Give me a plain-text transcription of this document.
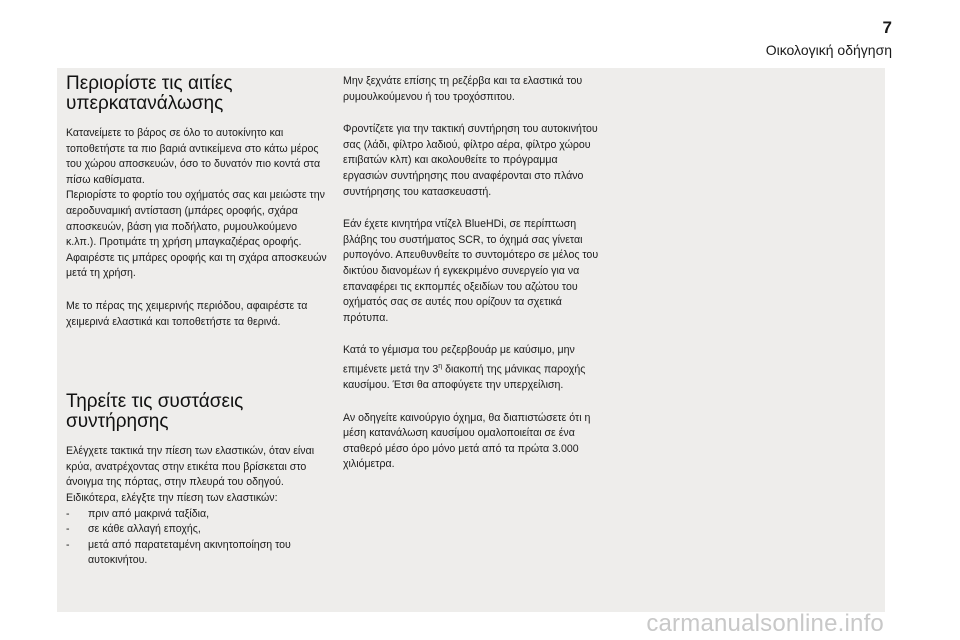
7
Οικολογική οδήγηση
Περιορίστε τις αιτίες υπερκατανάλωσης

Κατανείμετε το βάρος σε όλο το αυτοκίνητο και τοποθετήστε τα πιο βαριά αντικείμενα στο κάτω μέρος του χώρου αποσκευών, όσο το δυνατόν πιο κοντά στα πίσω καθίσματα.

Περιορίστε το φορτίο του οχήματός σας και μειώστε την αεροδυναμική αντίσταση (μπάρες οροφής, σχάρα αποσκευών, βάση για ποδήλατο, ρυμουλκούμενο κ.λπ.). Προτιμάτε τη χρήση μπαγκαζιέρας οροφής.

Αφαιρέστε τις μπάρες οροφής και τη σχάρα αποσκευών μετά τη χρήση.

Με το πέρας της χειμερινής περιόδου, αφαιρέστε τα χειμερινά ελαστικά και τοποθετήστε τα θερινά.

Τηρείτε τις συστάσεις συντήρησης

Ελέγχετε τακτικά την πίεση των ελαστικών, όταν είναι κρύα, ανατρέχοντας στην ετικέτα που βρίσκεται στο άνοιγμα της πόρτας, στην πλευρά του οδηγού.

Ειδικότερα, ελέγξτε την πίεση των ελαστικών:

- πριν από μακρινά ταξίδια,
- σε κάθε αλλαγή εποχής,
- μετά από παρατεταμένη ακινητοποίηση του αυτοκινήτου.

Μην ξεχνάτε επίσης τη ρεζέρβα και τα ελαστικά του ρυμουλκούμενου ή του τροχόσπιτου.

Φροντίζετε για την τακτική συντήρηση του αυτοκινήτου σας (λάδι, φίλτρο λαδιού, φίλτρο αέρα, φίλτρο χώρου επιβατών κλπ) και ακολουθείτε το πρόγραμμα εργασιών συντήρησης που αναφέρονται στο πλάνο συντήρησης του κατασκευαστή.

Εάν έχετε κινητήρα ντίζελ BlueHDi, σε περίπτωση βλάβης του συστήματος SCR, το όχημά σας γίνεται ρυπογόνο. Απευθυνθείτε το συντομότερο σε μέλος του δικτύου διανομέων ή εγκεκριμένο συνεργείο για να επαναφέρει τις εκπομπές οξειδίων του αζώτου του οχήματός σας σε αυτές που ορίζουν τα σχετικά πρότυπα.

Κατά το γέμισμα του ρεζερβουάρ με καύσιμο, μην επιμένετε μετά την $3^\eta$ διακοπή της μάνικας παροχής καυσίμου. Έτσι θα αποφύγετε την υπερχείλιση.

Αν οδηγείτε καινούργιο όχημα, θα διαπιστώσετε ότι η μέση κατανάλωση καυσίμου ομαλοποιείται σε ένα σταθερό μέσο όρο μόνο μετά από τα πρώτα 3.000 χιλιόμετρα.

carmanualsonline.info
